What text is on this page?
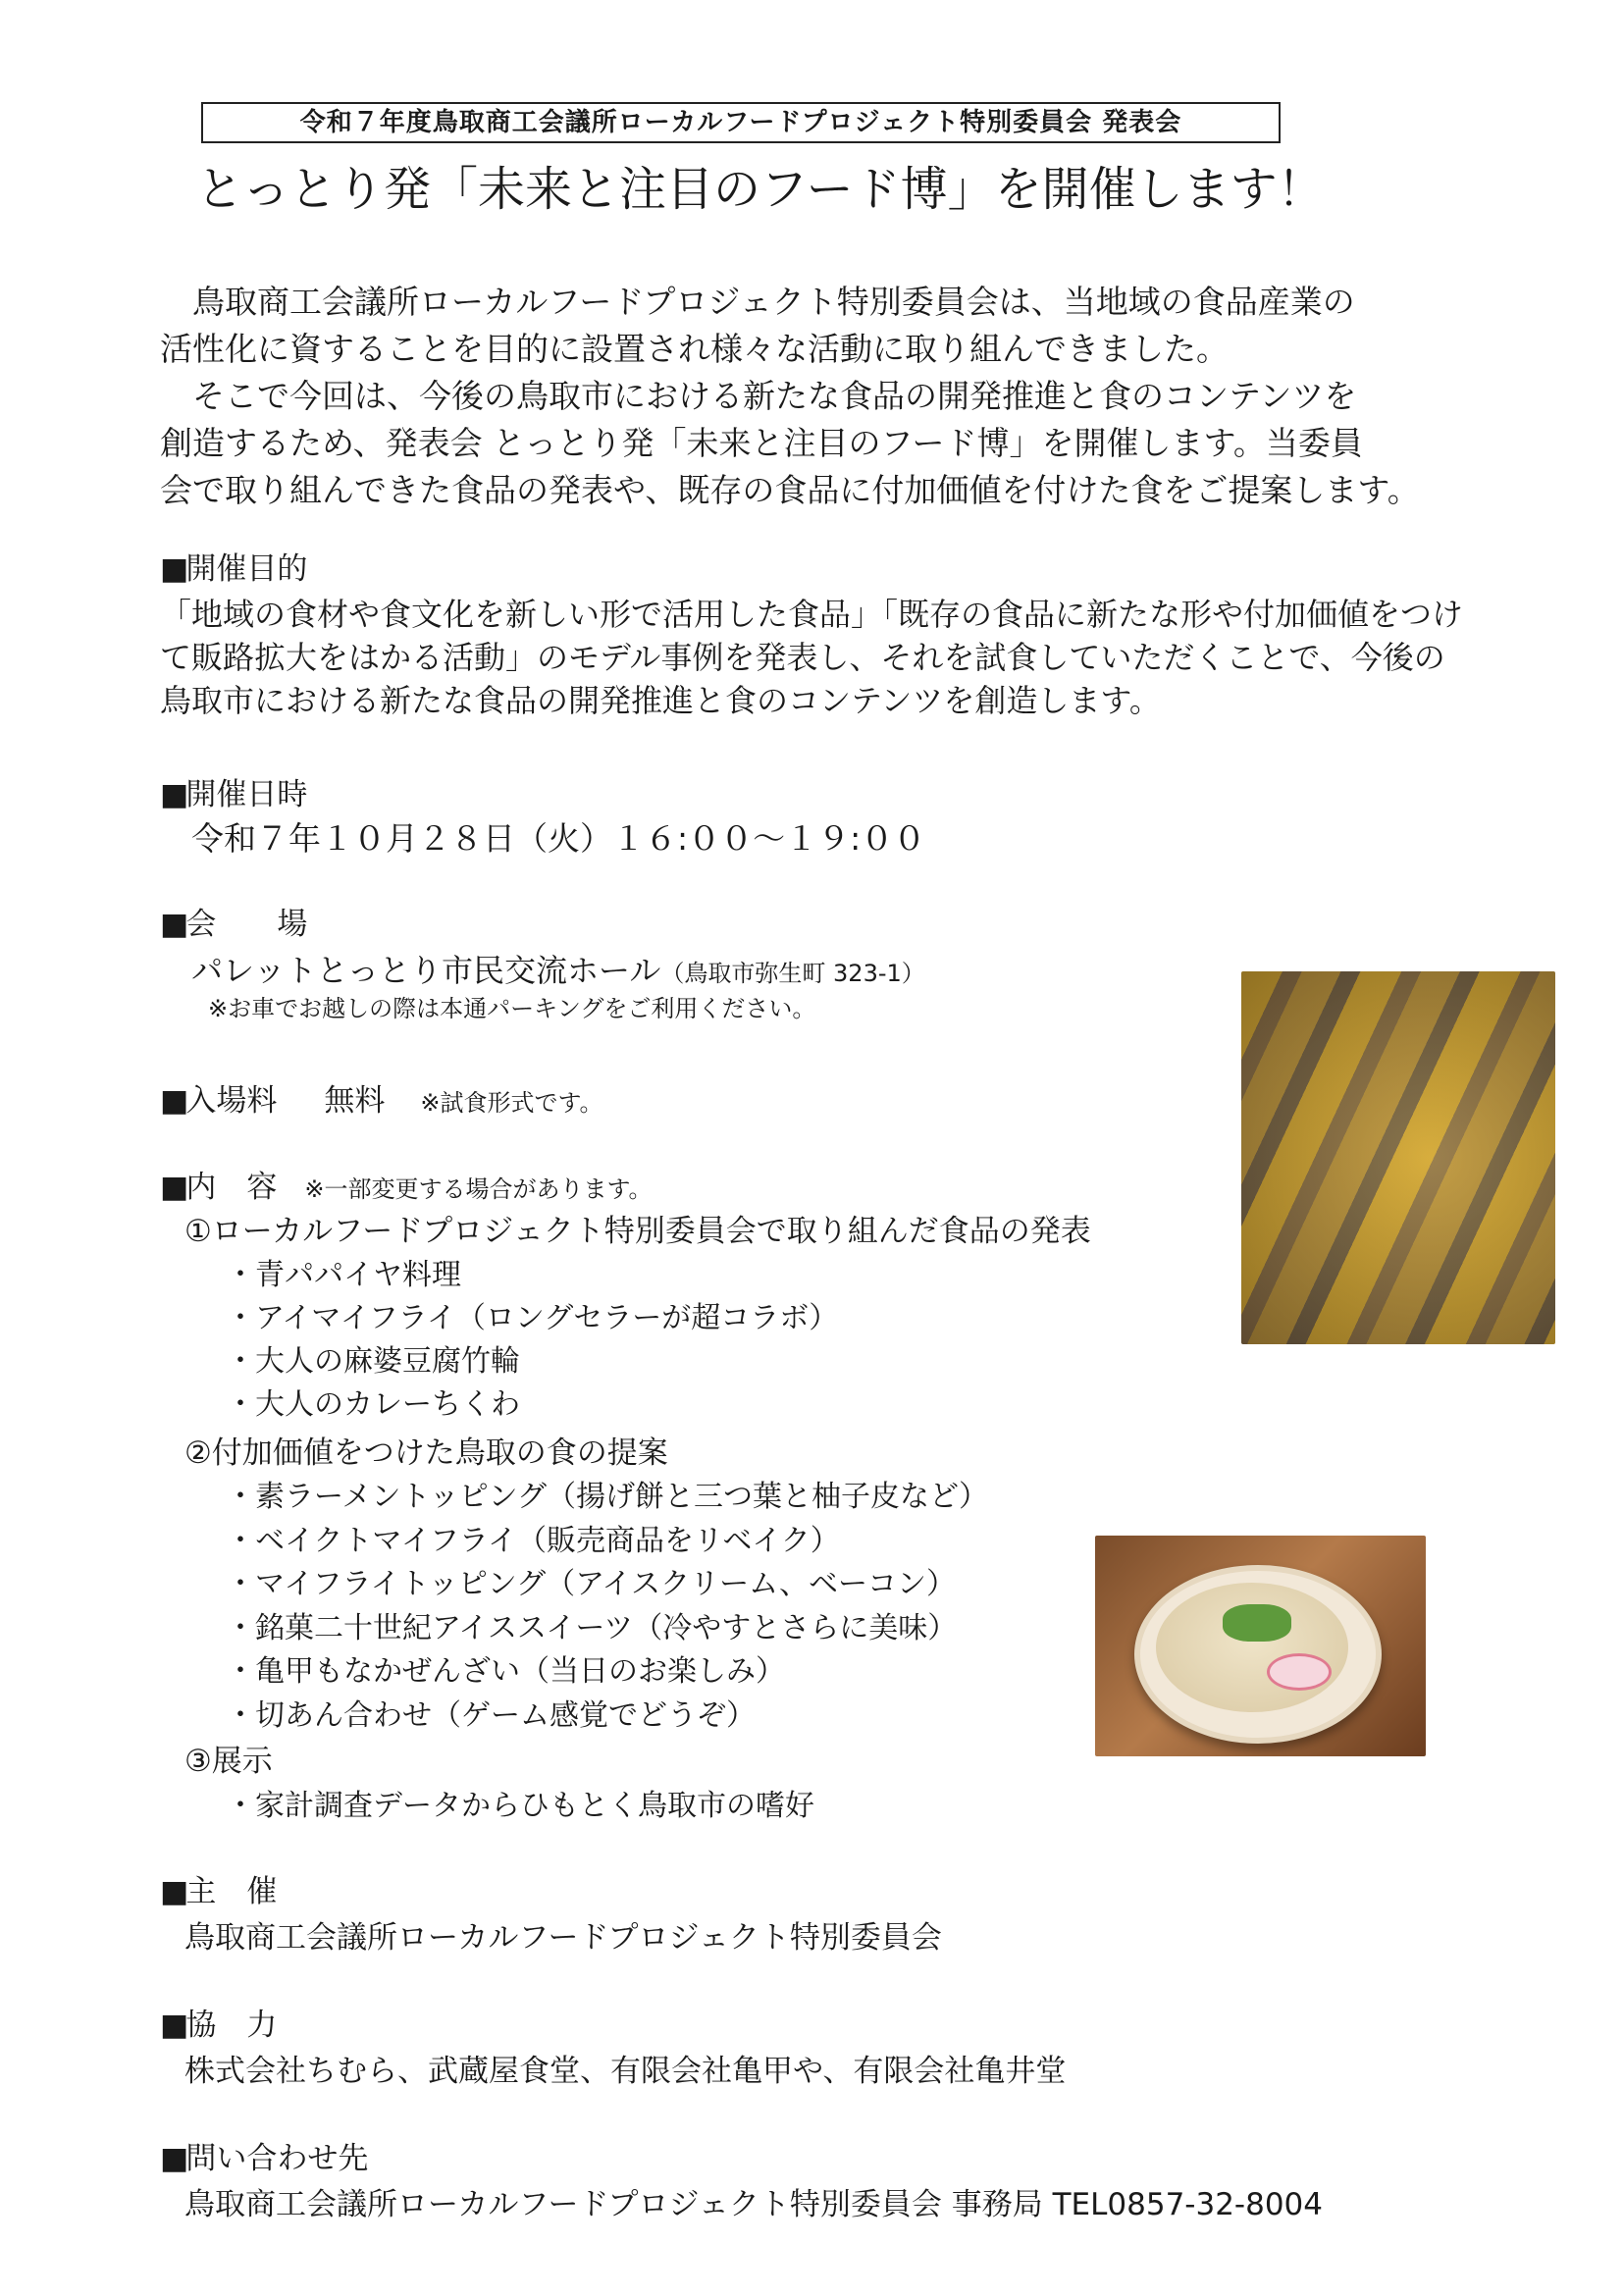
令和７年度鳥取商工会議所ローカルフードプロジェクト特別委員会 発表会
とっとり発「未来と注目のフード博」を開催します！

鳥取商工会議所ローカルフードプロジェクト特別委員会は、当地域の食品産業の

活性化に資することを目的に設置され様々な活動に取り組んできました。

そこで今回は、今後の鳥取市における新たな食品の開発推進と食のコンテンツを

創造するため、発表会 とっとり発「未来と注目のフード博」を開催します。当委員

会で取り組んできた食品の発表や、既存の食品に付加価値を付けた食をご提案します。

■開催目的

「地域の食材や食文化を新しい形で活用した食品」「既存の食品に新たな形や付加価値をつけ

て販路拡大をはかる活動」のモデル事例を発表し、それを試食していただくことで、今後の

鳥取市における新たな食品の開発推進と食のコンテンツを創造します。

■開催日時
令和７年１０月２８日（火）１６:００～１９:００
■会　　場
パレットとっとり市民交流ホール（鳥取市弥生町 323-1）
※お車でお越しの際は本通パーキングをご利用ください。
■入場料 無料 ※試食形式です。
■内　容 ※一部変更する場合があります。
①ローカルフードプロジェクト特別委員会で取り組んだ食品の発表
・青パパイヤ料理
・アイマイフライ（ロングセラーが超コラボ）
・大人の麻婆豆腐竹輪
・大人のカレーちくわ
②付加価値をつけた鳥取の食の提案
・素ラーメントッピング（揚げ餅と三つ葉と柚子皮など）
・ベイクトマイフライ（販売商品をリベイク）
・マイフライトッピング（アイスクリーム、ベーコン）
・銘菓二十世紀アイススイーツ（冷やすとさらに美味）
・亀甲もなかぜんざい（当日のお楽しみ）
・切あん合わせ（ゲーム感覚でどうぞ）
③展示
・家計調査データからひもとく鳥取市の嗜好
■主　催
鳥取商工会議所ローカルフードプロジェクト特別委員会
■協　力
株式会社ちむら、武蔵屋食堂、有限会社亀甲や、有限会社亀井堂
■問い合わせ先
鳥取商工会議所ローカルフードプロジェクト特別委員会 事務局 TEL0857-32-8004
